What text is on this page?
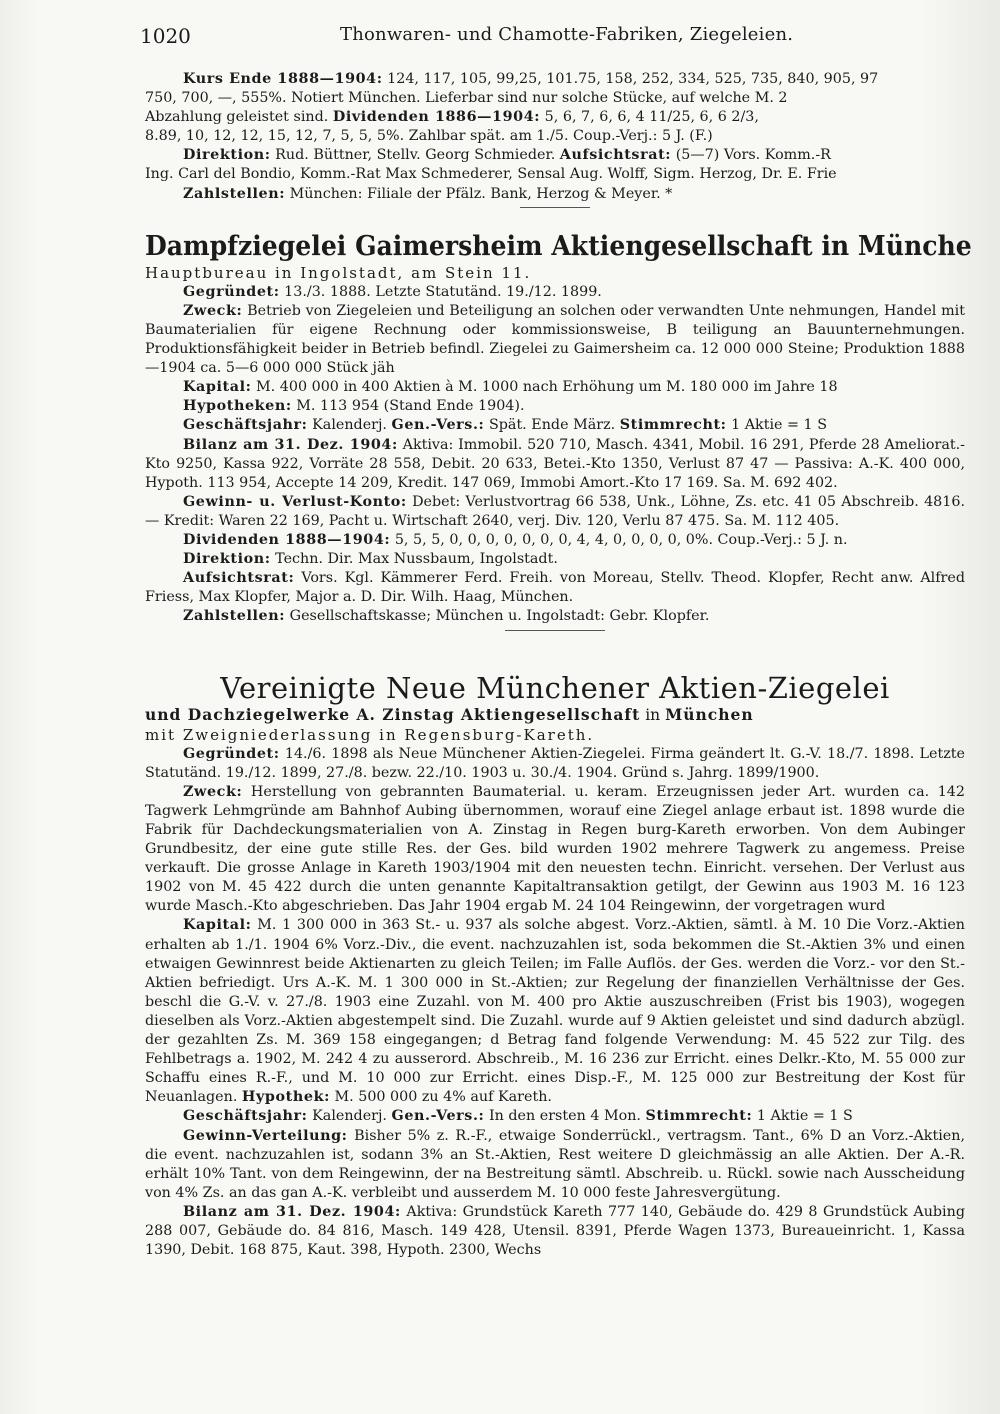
1020	Thonwaren- und Chamotte-Fabriken, Ziegeleien.

Kurs Ende 1888—1904: 124, 117, 105, 99,25, 101.75, 158, 252, 334, 525, 735, 840, 905, 97

750, 700, —, 555%. Notiert München. Lieferbar sind nur solche Stücke, auf welche M. 2

Abzahlung geleistet sind. Dividenden 1886—1904: 5, 6, 7, 6, 6, 4 11/25, 6, 6 2/3,

8.89, 10, 12, 12, 15, 12, 7, 5, 5, 5%. Zahlbar spät. am 1./5. Coup.-Verj.: 5 J. (F.)

Direktion: Rud. Büttner, Stellv. Georg Schmieder. Aufsichtsrat: (5—7) Vors. Komm.-R

Ing. Carl del Bondio, Komm.-Rat Max Schmederer, Sensal Aug. Wolff, Sigm. Herzog, Dr. E. Frie

Zahlstellen: München: Filiale der Pfälz. Bank, Herzog & Meyer. *

Dampfziegelei Gaimersheim Aktiengesellschaft in Münche

Hauptbureau in Ingolstadt, am Stein 11.

Gegründet: 13./3. 1888. Letzte Statutänd. 19./12. 1899.

Zweck: Betrieb von Ziegeleien und Beteiligung an solchen oder verwandten Unte nehmungen, Handel mit Baumaterialien für eigene Rechnung oder kommissionsweise, B teiligung an Bauunternehmungen. Produktionsfähigkeit beider in Betrieb befindl. Ziegelei zu Gaimersheim ca. 12 000 000 Steine; Produktion 1888—1904 ca. 5—6 000 000 Stück jäh

Kapital: M. 400 000 in 400 Aktien à M. 1000 nach Erhöhung um M. 180 000 im Jahre 18

Hypotheken: M. 113 954 (Stand Ende 1904).

Geschäftsjahr: Kalenderj. Gen.-Vers.: Spät. Ende März. Stimmrecht: 1 Aktie = 1 S

Bilanz am 31. Dez. 1904: Aktiva: Immobil. 520 710, Masch. 4341, Mobil. 16 291, Pferde 28 Ameliorat.-Kto 9250, Kassa 922, Vorräte 28 558, Debit. 20 633, Betei.-Kto 1350, Verlust 87 47 — Passiva: A.-K. 400 000, Hypoth. 113 954, Accepte 14 209, Kredit. 147 069, Immobi Amort.-Kto 17 169. Sa. M. 692 402.

Gewinn- u. Verlust-Konto: Debet: Verlustvortrag 66 538, Unk., Löhne, Zs. etc. 41 05 Abschreib. 4816. — Kredit: Waren 22 169, Pacht u. Wirtschaft 2640, verj. Div. 120, Verlu 87 475. Sa. M. 112 405.

Dividenden 1888—1904: 5, 5, 5, 0, 0, 0, 0, 0, 0, 0, 4, 4, 0, 0, 0, 0, 0%. Coup.-Verj.: 5 J. n.

Direktion: Techn. Dir. Max Nussbaum, Ingolstadt.

Aufsichtsrat: Vors. Kgl. Kämmerer Ferd. Freih. von Moreau, Stellv. Theod. Klopfer, Recht anw. Alfred Friess, Max Klopfer, Major a. D. Dir. Wilh. Haag, München.

Zahlstellen: Gesellschaftskasse; München u. Ingolstadt: Gebr. Klopfer.

Vereinigte Neue Münchener Aktien-Ziegelei

und Dachziegelwerke A. Zinstag Aktiengesellschaft in München

mit Zweigniederlassung in Regensburg-Kareth.

Gegründet: 14./6. 1898 als Neue Münchener Aktien-Ziegelei. Firma geändert lt. G.-V. 18./7. 1898. Letzte Statutänd. 19./12. 1899, 27./8. bezw. 22./10. 1903 u. 30./4. 1904. Gründ s. Jahrg. 1899/1900.

Zweck: Herstellung von gebrannten Baumaterial. u. keram. Erzeugnissen jeder Art. wurden ca. 142 Tagwerk Lehmgründe am Bahnhof Aubing übernommen, worauf eine Ziegel anlage erbaut ist. 1898 wurde die Fabrik für Dachdeckungsmaterialien von A. Zinstag in Regen burg-Kareth erworben. Von dem Aubinger Grundbesitz, der eine gute stille Res. der Ges. bild wurden 1902 mehrere Tagwerk zu angemess. Preise verkauft. Die grosse Anlage in Kareth 1903/1904 mit den neuesten techn. Einricht. versehen. Der Verlust aus 1902 von M. 45 422 durch die unten genannte Kapitaltransaktion getilgt, der Gewinn aus 1903 M. 16 123 wurde Masch.-Kto abgeschrieben. Das Jahr 1904 ergab M. 24 104 Reingewinn, der vorgetragen wurd

Kapital: M. 1 300 000 in 363 St.- u. 937 als solche abgest. Vorz.-Aktien, sämtl. à M. 10 Die Vorz.-Aktien erhalten ab 1./1. 1904 6% Vorz.-Div., die event. nachzuzahlen ist, soda bekommen die St.-Aktien 3% und einen etwaigen Gewinnrest beide Aktienarten zu gleich Teilen; im Falle Auflös. der Ges. werden die Vorz.- vor den St.-Aktien befriedigt. Urs A.-K. M. 1 300 000 in St.-Aktien; zur Regelung der finanziellen Verhältnisse der Ges. beschl die G.-V. v. 27./8. 1903 eine Zuzahl. von M. 400 pro Aktie auszuschreiben (Frist bis 1903), wogegen dieselben als Vorz.-Aktien abgestempelt sind. Die Zuzahl. wurde auf 9 Aktien geleistet und sind dadurch abzügl. der gezahlten Zs. M. 369 158 eingegangen; d Betrag fand folgende Verwendung: M. 45 522 zur Tilg. des Fehlbetrags a. 1902, M. 242 4 zu ausserord. Abschreib., M. 16 236 zur Erricht. eines Delkr.-Kto, M. 55 000 zur Schaffu eines R.-F., und M. 10 000 zur Erricht. eines Disp.-F., M. 125 000 zur Bestreitung der Kost für Neuanlagen. Hypothek: M. 500 000 zu 4% auf Kareth.

Geschäftsjahr: Kalenderj. Gen.-Vers.: In den ersten 4 Mon. Stimmrecht: 1 Aktie = 1 S

Gewinn-Verteilung: Bisher 5% z. R.-F., etwaige Sonderrückl., vertragsm. Tant., 6% D an Vorz.-Aktien, die event. nachzuzahlen ist, sodann 3% an St.-Aktien, Rest weitere D gleichmässig an alle Aktien. Der A.-R. erhält 10% Tant. von dem Reingewinn, der na Bestreitung sämtl. Abschreib. u. Rückl. sowie nach Ausscheidung von 4% Zs. an das gan A.-K. verbleibt und ausserdem M. 10 000 feste Jahresvergütung.

Bilanz am 31. Dez. 1904: Aktiva: Grundstück Kareth 777 140, Gebäude do. 429 8 Grundstück Aubing 288 007, Gebäude do. 84 816, Masch. 149 428, Utensil. 8391, Pferde Wagen 1373, Bureaueinricht. 1, Kassa 1390, Debit. 168 875, Kaut. 398, Hypoth. 2300, Wechs
